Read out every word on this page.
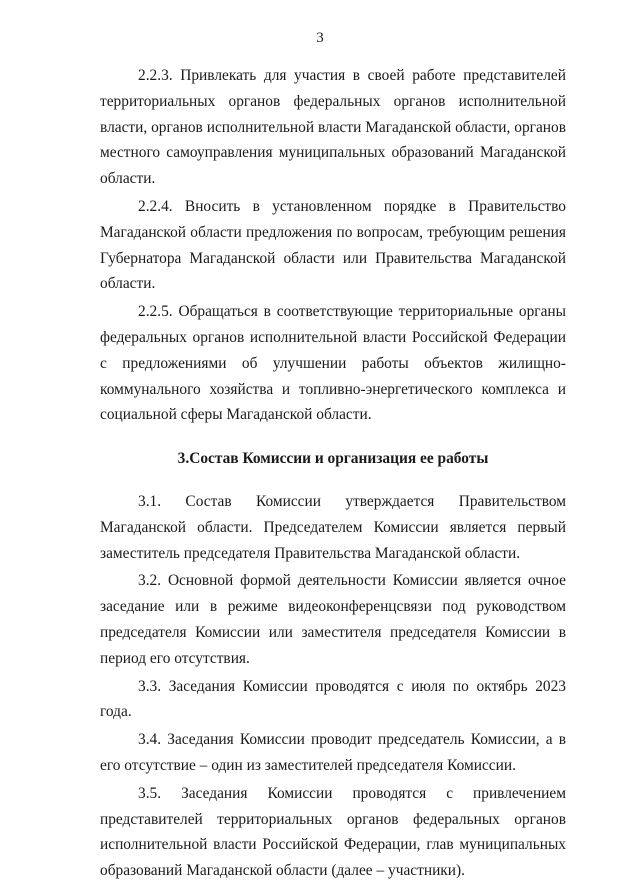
3

2.2.3. Привлекать для участия в своей работе представителей территориальных органов федеральных органов исполнительной власти, органов исполнительной власти Магаданской области, органов местного самоуправления муниципальных образований Магаданской области.

2.2.4. Вносить в установленном порядке в Правительство Магаданской области предложения по вопросам, требующим решения Губернатора Магаданской области или Правительства Магаданской области.

2.2.5. Обращаться в соответствующие территориальные органы федеральных органов исполнительной власти Российской Федерации с предложениями об улучшении работы объектов жилищно-коммунального хозяйства и топливно-энергетического комплекса и социальной сферы Магаданской области.

3.Состав Комиссии и организация ее работы

3.1. Состав Комиссии утверждается Правительством Магаданской области. Председателем Комиссии является первый заместитель председателя Правительства Магаданской области.

3.2. Основной формой деятельности Комиссии является очное заседание или в режиме видеоконференцсвязи под руководством председателя Комиссии или заместителя председателя Комиссии в период его отсутствия.

3.3. Заседания Комиссии проводятся с июля по октябрь 2023 года.

3.4. Заседания Комиссии проводит председатель Комиссии, а в его отсутствие – один из заместителей председателя Комиссии.

3.5. Заседания Комиссии проводятся с привлечением представителей территориальных органов федеральных органов исполнительной власти Российской Федерации, глав муниципальных образований Магаданской области (далее – участники).
